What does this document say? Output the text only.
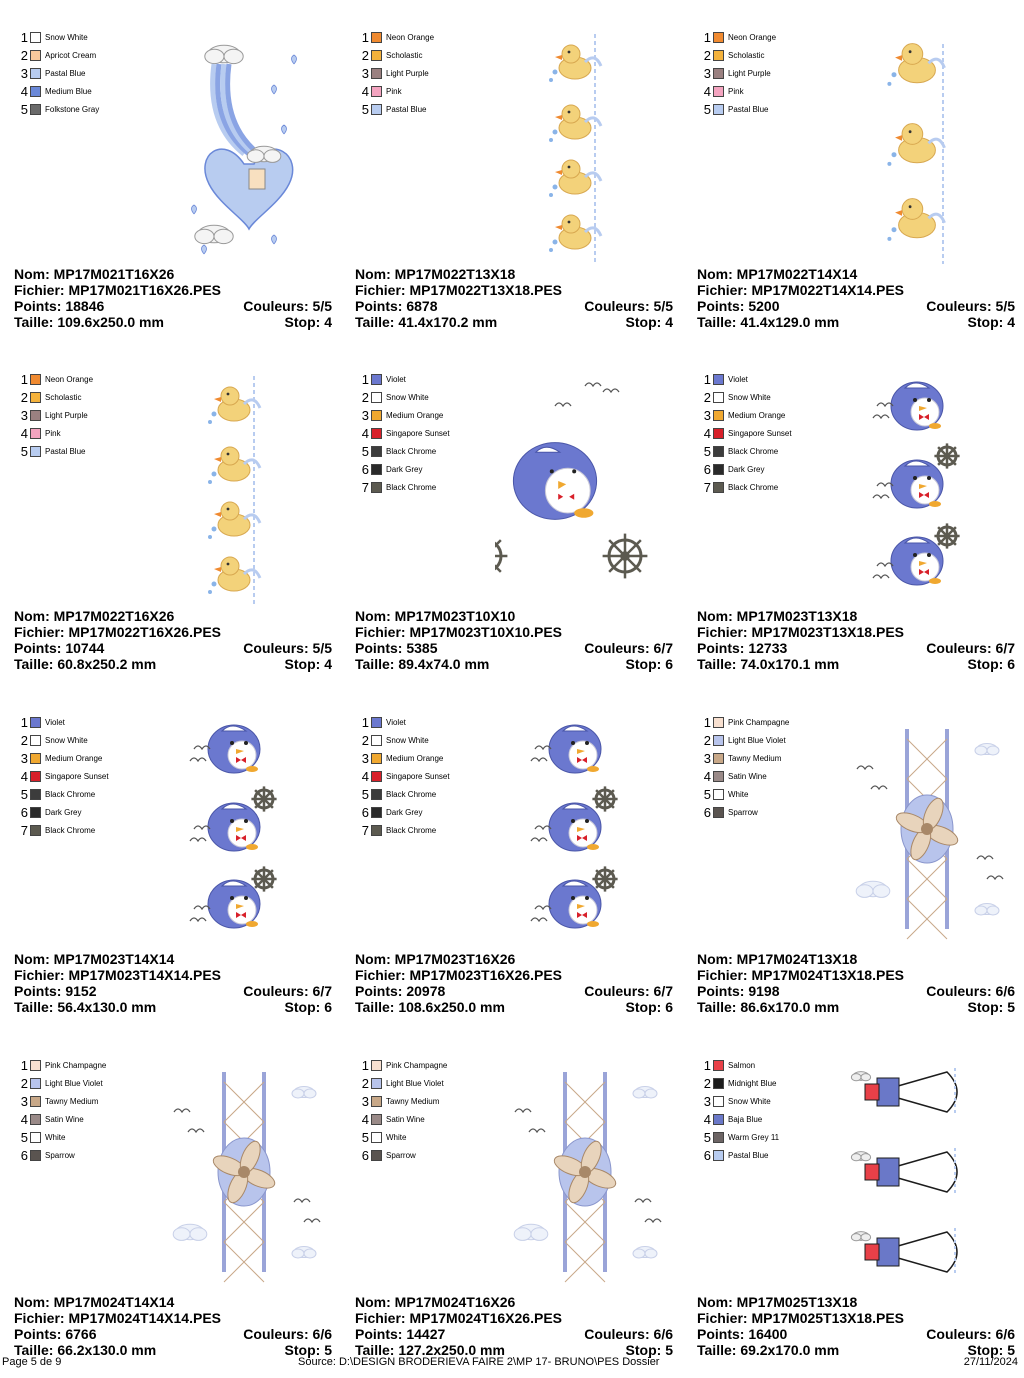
1 Snow White
2 Apricot Cream
3 Pastal Blue
4 Medium Blue
5 Folkstone Gray
Nom: MP17M021T16X26
Fichier: MP17M021T16X26.PES
Points: 18846	Couleurs: 5/5
Taille: 109.6x250.0 mm	Stop: 4
1 Neon Orange
2 Scholastic
3 Light Purple
4 Pink
5 Pastal Blue
Nom: MP17M022T13X18
Fichier: MP17M022T13X18.PES
Points: 6878	Couleurs: 5/5
Taille: 41.4x170.2 mm	Stop: 4
1 Neon Orange
2 Scholastic
3 Light Purple
4 Pink
5 Pastal Blue
Nom: MP17M022T14X14
Fichier: MP17M022T14X14.PES
Points: 5200	Couleurs: 5/5
Taille: 41.4x129.0 mm	Stop: 4
1 Neon Orange
2 Scholastic
3 Light Purple
4 Pink
5 Pastal Blue
Nom: MP17M022T16X26
Fichier: MP17M022T16X26.PES
Points: 10744	Couleurs: 5/5
Taille: 60.8x250.2 mm	Stop: 4
1 Violet
2 Snow White
3 Medium Orange
4 Singapore Sunset
5 Black Chrome
6 Dark Grey
7 Black Chrome
Nom: MP17M023T10X10
Fichier: MP17M023T10X10.PES
Points: 5385	Couleurs: 6/7
Taille: 89.4x74.0 mm	Stop: 6
1 Violet
2 Snow White
3 Medium Orange
4 Singapore Sunset
5 Black Chrome
6 Dark Grey
7 Black Chrome
Nom: MP17M023T13X18
Fichier: MP17M023T13X18.PES
Points: 12733	Couleurs: 6/7
Taille: 74.0x170.1 mm	Stop: 6
1 Violet
2 Snow White
3 Medium Orange
4 Singapore Sunset
5 Black Chrome
6 Dark Grey
7 Black Chrome
Nom: MP17M023T14X14
Fichier: MP17M023T14X14.PES
Points: 9152	Couleurs: 6/7
Taille: 56.4x130.0 mm	Stop: 6
1 Violet
2 Snow White
3 Medium Orange
4 Singapore Sunset
5 Black Chrome
6 Dark Grey
7 Black Chrome
Nom: MP17M023T16X26
Fichier: MP17M023T16X26.PES
Points: 20978	Couleurs: 6/7
Taille: 108.6x250.0 mm	Stop: 6
1 Pink Champagne
2 Light Blue Violet
3 Tawny Medium
4 Satin Wine
5 White
6 Sparrow
Nom: MP17M024T13X18
Fichier: MP17M024T13X18.PES
Points: 9198	Couleurs: 6/6
Taille: 86.6x170.0 mm	Stop: 5
1 Pink Champagne
2 Light Blue Violet
3 Tawny Medium
4 Satin Wine
5 White
6 Sparrow
Nom: MP17M024T14X14
Fichier: MP17M024T14X14.PES
Points: 6766	Couleurs: 6/6
Taille: 66.2x130.0 mm	Stop: 5
1 Pink Champagne
2 Light Blue Violet
3 Tawny Medium
4 Satin Wine
5 White
6 Sparrow
Nom: MP17M024T16X26
Fichier: MP17M024T16X26.PES
Points: 14427	Couleurs: 6/6
Taille: 127.2x250.0 mm	Stop: 5
1 Salmon
2 Midnight Blue
3 Snow White
4 Baja Blue
5 Warm Grey 11
6 Pastal Blue
Nom: MP17M025T13X18
Fichier: MP17M025T13X18.PES
Points: 16400	Couleurs: 6/6
Taille: 69.2x170.0 mm	Stop: 5
Page 5 de 9	Source: D:\DESIGN BRODERIEVA FAIRE 2\MP 17- BRUNO\PES Dossier	27/11/2024
